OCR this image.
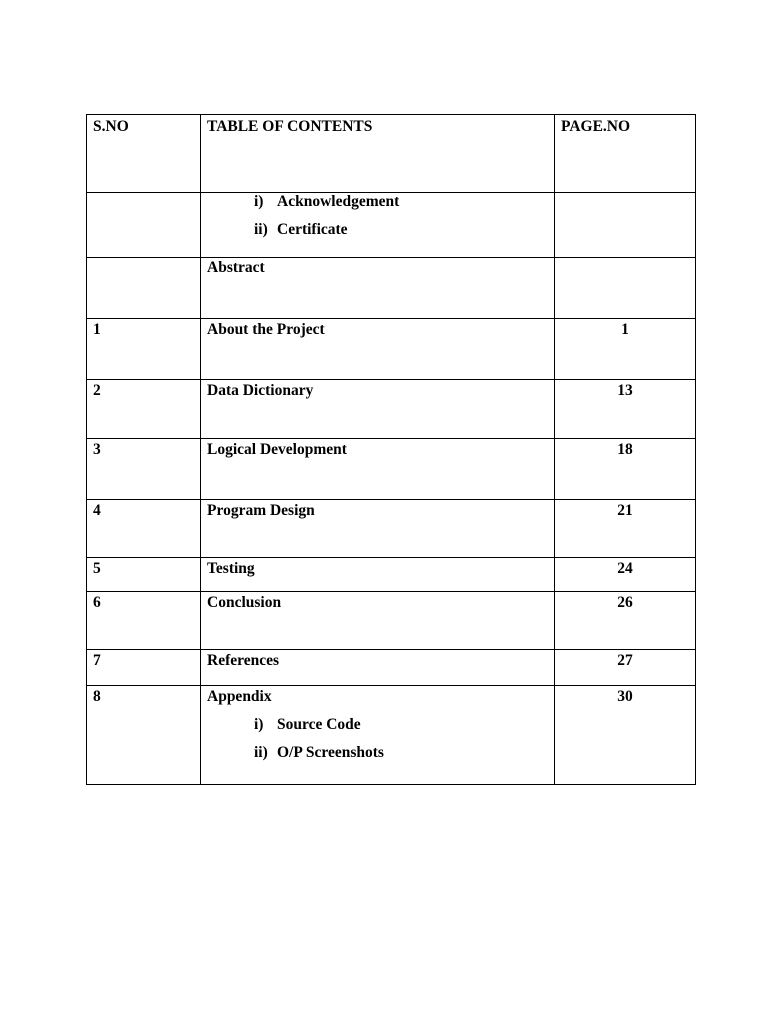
S.NO	TABLE OF CONTENTS	PAGE.NO

	i) Acknowledgement
ii) Certificate	

	Abstract	

1	About the Project	1

2	Data Dictionary	13

3	Logical Development	18

4	Program Design	21

5	Testing	24

6	Conclusion	26

7	References	27

8	Appendix
i) Source Code
ii) O/P Screenshots	30
